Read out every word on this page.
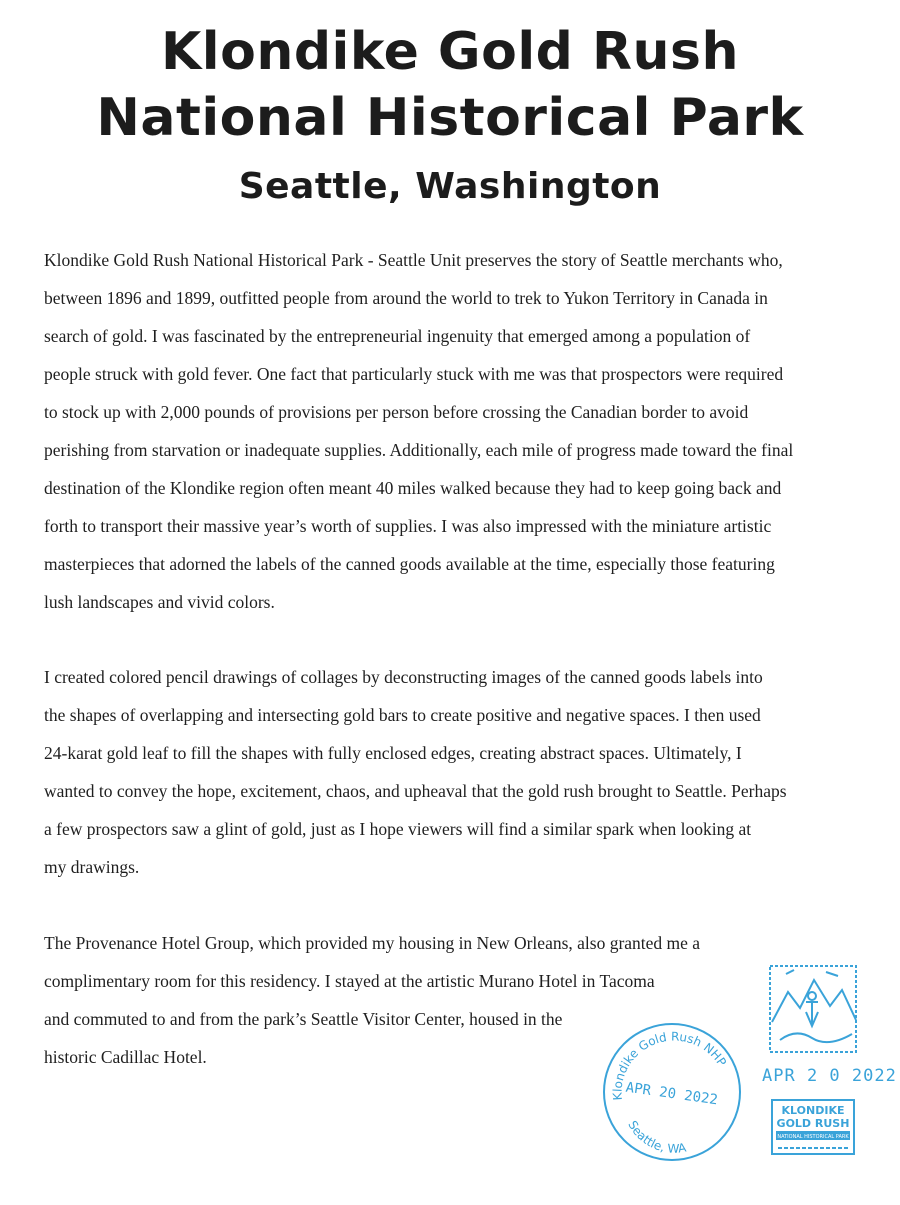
Klondike Gold Rush
National Historical Park
Seattle, Washington

Klondike Gold Rush National Historical Park - Seattle Unit preserves the story of Seattle merchants who,
between 1896 and 1899, outfitted people from around the world to trek to Yukon Territory in Canada in
search of gold. I was fascinated by the entrepreneurial ingenuity that emerged among a population of
people struck with gold fever. One fact that particularly stuck with me was that prospectors were required
to stock up with 2,000 pounds of provisions per person before crossing the Canadian border to avoid
perishing from starvation or inadequate supplies. Additionally, each mile of progress made toward the final
destination of the Klondike region often meant 40 miles walked because they had to keep going back and
forth to transport their massive year’s worth of supplies. I was also impressed with the miniature artistic
masterpieces that adorned the labels of the canned goods available at the time, especially those featuring
lush landscapes and vivid colors.

I created colored pencil drawings of collages by deconstructing images of the canned goods labels into
the shapes of overlapping and intersecting gold bars to create positive and negative spaces. I then used
24-karat gold leaf to fill the shapes with fully enclosed edges, creating abstract spaces. Ultimately, I
wanted to convey the hope, excitement, chaos, and upheaval that the gold rush brought to Seattle. Perhaps
a few prospectors saw a glint of gold, just as I hope viewers will find a similar spark when looking at
my drawings.

The Provenance Hotel Group, which provided my housing in New Orleans, also granted me a
complimentary room for this residency. I stayed at the artistic Murano Hotel in Tacoma
and commuted to and from the park’s Seattle Visitor Center, housed in the
historic Cadillac Hotel.

APR 2 0 2022
Klondike Gold Rush NHP
APR 20 2022
Seattle, WA
KLONDIKE
GOLD RUSH
NATIONAL HISTORICAL PARK
